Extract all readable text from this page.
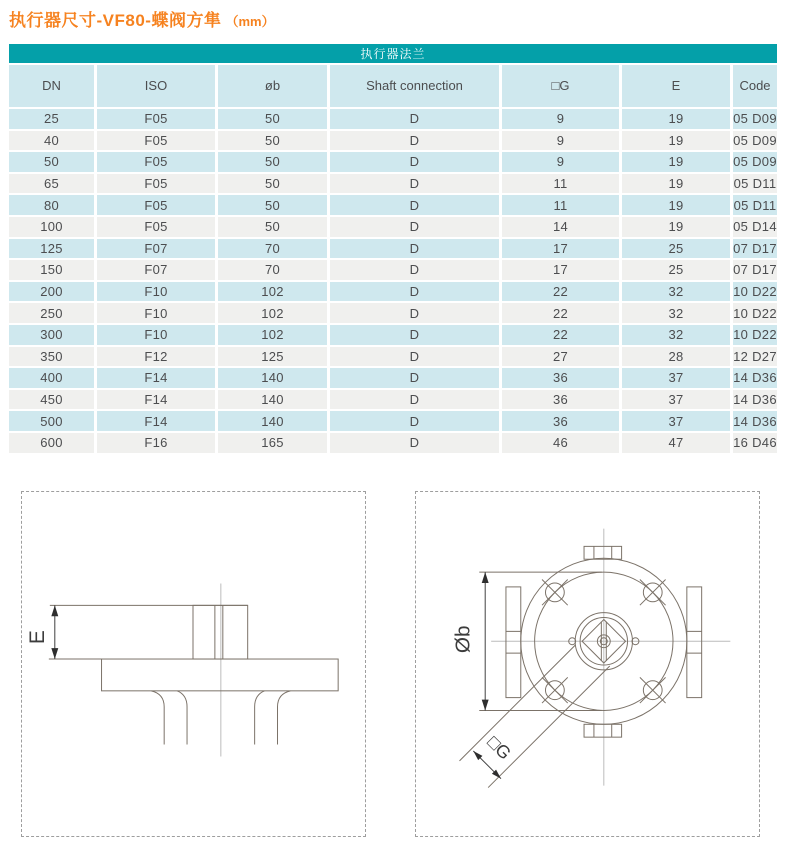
执行器尺寸-VF80-蝶阀方隼 （mm）
执行器法兰
DN	ISO	øb	Shaft connection	□G	E	Code
25	F05	50	D	9	19	05 D09
40	F05	50	D	9	19	05 D09
50	F05	50	D	9	19	05 D09
65	F05	50	D	11	19	05 D11
80	F05	50	D	11	19	05 D11
100	F05	50	D	14	19	05 D14
125	F07	70	D	17	25	07 D17
150	F07	70	D	17	25	07 D17
200	F10	102	D	22	32	10 D22
250	F10	102	D	22	32	10 D22
300	F10	102	D	22	32	10 D22
350	F12	125	D	27	28	12 D27
400	F14	140	D	36	37	14 D36
450	F14	140	D	36	37	14 D36
500	F14	140	D	36	37	14 D36
600	F16	165	D	46	47	16 D46
E	Øb
□G
